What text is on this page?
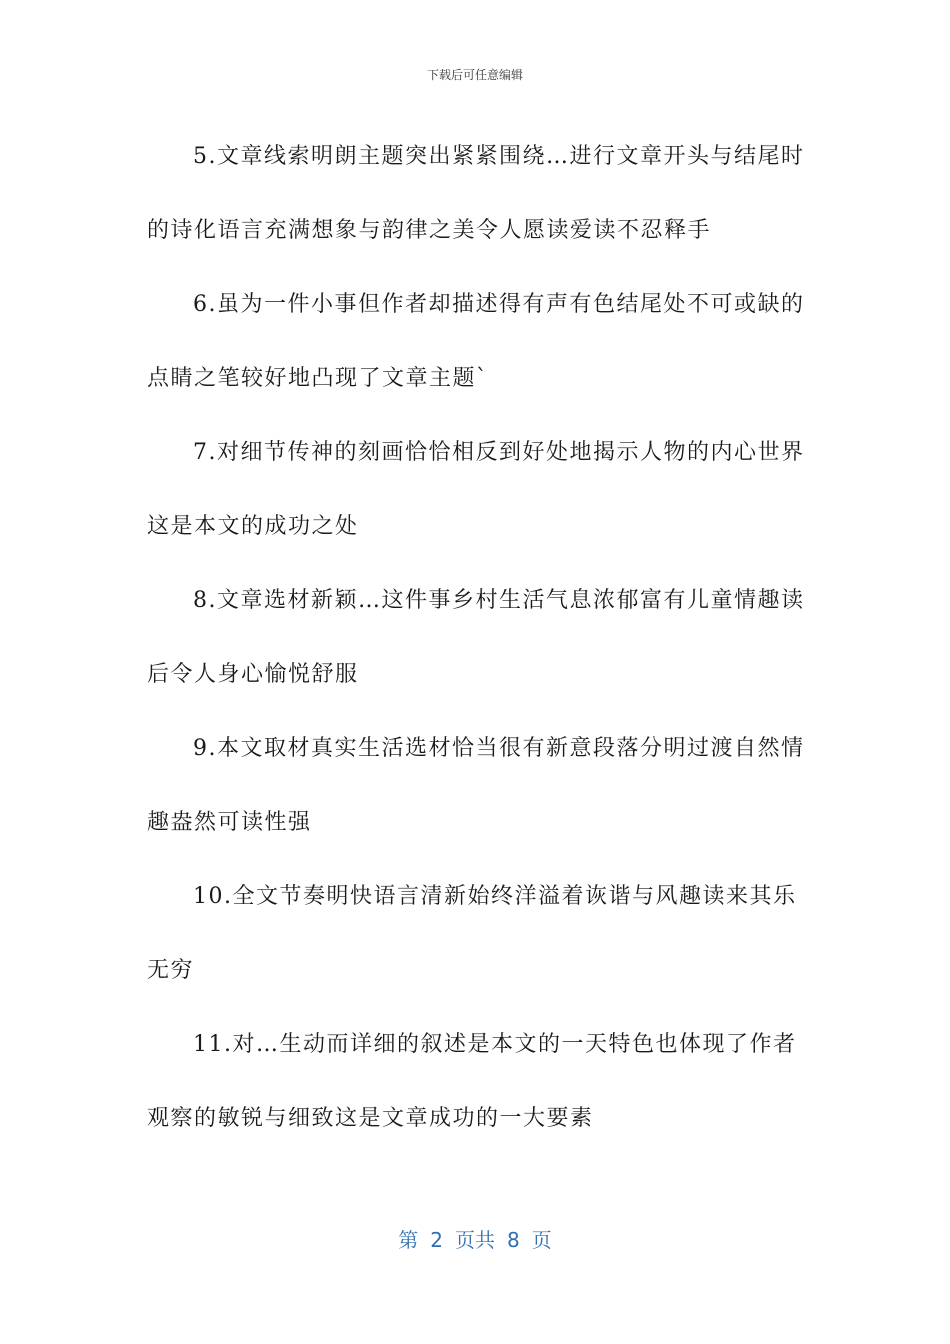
下载后可任意编辑

5.文章线索明朗主题突出紧紧围绕…进行文章开头与结尾时的诗化语言充满想象与韵律之美令人愿读爱读不忍释手

6.虽为一件小事但作者却描述得有声有色结尾处不可或缺的点睛之笔较好地凸现了文章主题`

7.对细节传神的刻画恰恰相反到好处地揭示人物的内心世界这是本文的成功之处

8.文章选材新颖…这件事乡村生活气息浓郁富有儿童情趣读后令人身心愉悦舒服

9.本文取材真实生活选材恰当很有新意段落分明过渡自然情趣盎然可读性强

10.全文节奏明快语言清新始终洋溢着诙谐与风趣读来其乐无穷

11.对…生动而详细的叙述是本文的一天特色也体现了作者观察的敏锐与细致这是文章成功的一大要素

第 2 页共 8 页
